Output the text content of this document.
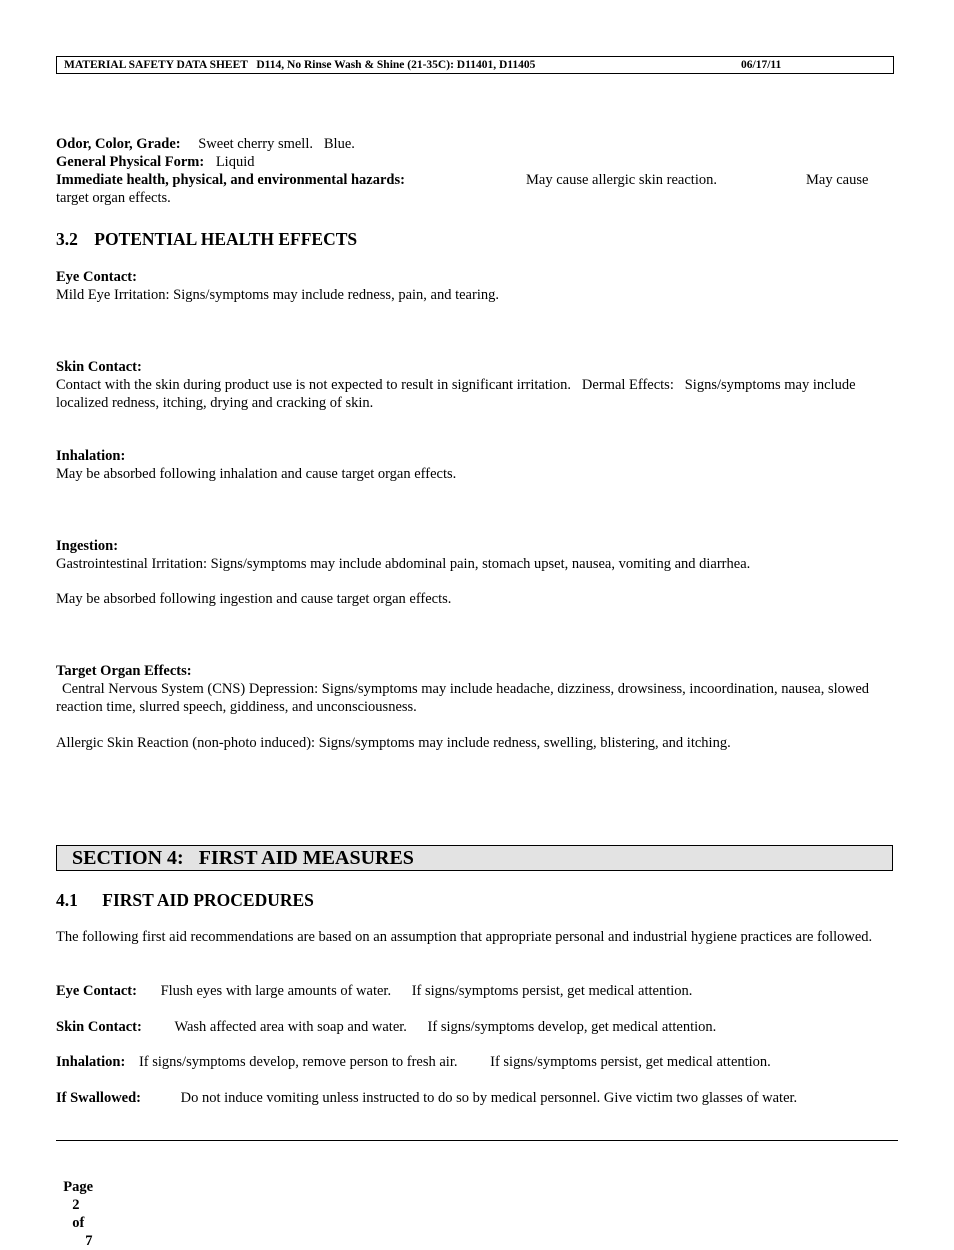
MATERIAL SAFETY DATA SHEET   D114, No Rinse Wash & Shine (21-35C): D11401, D11405	06/17/11
Odor, Color, Grade: Sweet cherry smell.   Blue.
General Physical Form: Liquid
Immediate health, physical, and environmental hazards:	May cause allergic skin reaction.	May cause
target organ effects.
3.2 POTENTIAL HEALTH EFFECTS
Eye Contact:
Mild Eye Irritation: Signs/symptoms may include redness, pain, and tearing.
Skin Contact:
Contact with the skin during product use is not expected to result in significant irritation.   Dermal Effects:   Signs/symptoms may include localized redness, itching, drying and cracking of skin.
Inhalation:
May be absorbed following inhalation and cause target organ effects.
Ingestion:
Gastrointestinal Irritation: Signs/symptoms may include abdominal pain, stomach upset, nausea, vomiting and diarrhea.
May be absorbed following ingestion and cause target organ effects.
Target Organ Effects:
Central Nervous System (CNS) Depression: Signs/symptoms may include headache, dizziness, drowsiness, incoordination, nausea, slowed reaction time, slurred speech, giddiness, and unconsciousness.
Allergic Skin Reaction (non-photo induced): Signs/symptoms may include redness, swelling, blistering, and itching.
SECTION 4:   FIRST AID MEASURES
4.1 FIRST AID PROCEDURES
The following first aid recommendations are based on an assumption that appropriate personal and industrial hygiene practices are followed.
Eye Contact: Flush eyes with large amounts of water. If signs/symptoms persist, get medical attention.
Skin Contact: Wash affected area with soap and water. If signs/symptoms develop, get medical attention.
Inhalation: If signs/symptoms develop, remove person to fresh air. If signs/symptoms persist, get medical attention.
If Swallowed:	Do not induce vomiting unless instructed to do so by medical personnel. Give victim two glasses of water.

Page
2
of
7
